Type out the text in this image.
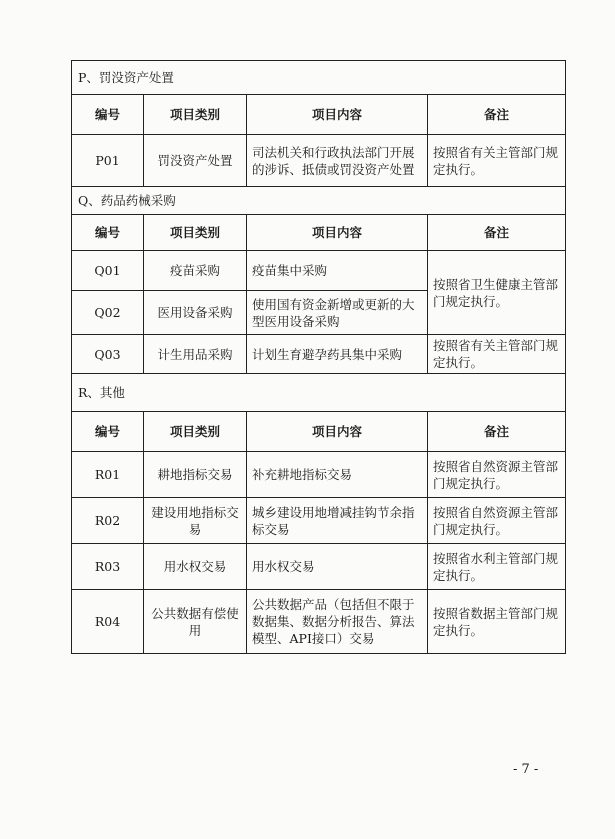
P、罚没资产处置			
编号	项目类别	项目内容	备注
P01	罚没资产处置	司法机关和行政执法部门开展的涉诉、抵债或罚没资产处置	按照省有关主管部门规定执行。
Q、药品药械采购			
编号	项目类别	项目内容	备注
Q01	疫苗采购	疫苗集中采购	按照省卫生健康主管部门规定执行。
Q02	医用设备采购	使用国有资金新增或更新的大型医用设备采购	
Q03	计生用品采购	计划生育避孕药具集中采购	按照省有关主管部门规定执行。
R、其他			
编号	项目类别	项目内容	备注
R01	耕地指标交易	补充耕地指标交易	按照省自然资源主管部门规定执行。
R02	建设用地指标交易	城乡建设用地增减挂钩节余指标交易	按照省自然资源主管部门规定执行。
R03	用水权交易	用水权交易	按照省水利主管部门规定执行。
R04	公共数据有偿使用	公共数据产品（包括但不限于数据集、数据分析报告、算法模型、API接口）交易	按照省数据主管部门规定执行。
- 7 -
